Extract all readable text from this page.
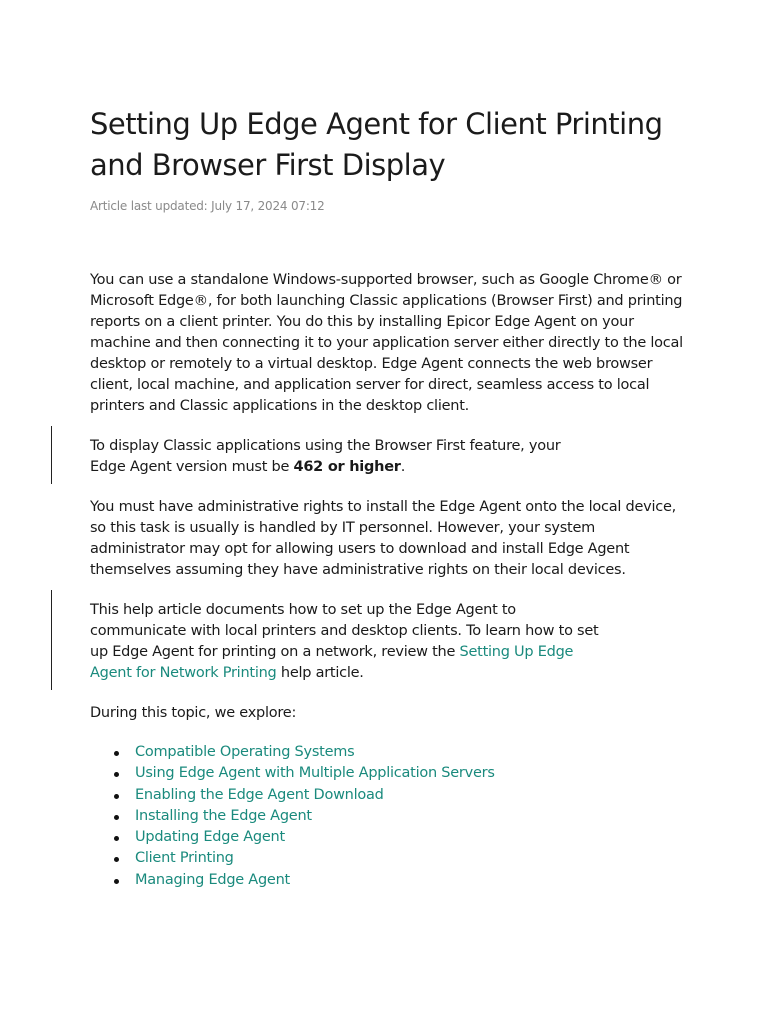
Setting Up Edge Agent for Client Printing and Browser First Display
Article last updated: July 17, 2024 07:12

You can use a standalone Windows-supported browser, such as Google Chrome® or Microsoft Edge®, for both launching Classic applications (Browser First) and printing reports on a client printer. You do this by installing Epicor Edge Agent on your machine and then connecting it to your application server either directly to the local desktop or remotely to a virtual desktop. Edge Agent connects the web browser client, local machine, and application server for direct, seamless access to local printers and Classic applications in the desktop client.

To display Classic applications using the Browser First feature, your Edge Agent version must be 462 or higher.

You must have administrative rights to install the Edge Agent onto the local device, so this task is usually is handled by IT personnel. However, your system administrator may opt for allowing users to download and install Edge Agent themselves assuming they have administrative rights on their local devices.

This help article documents how to set up the Edge Agent to communicate with local printers and desktop clients. To learn how to set up Edge Agent for printing on a network, review the Setting Up Edge Agent for Network Printing help article.

During this topic, we explore:

Compatible Operating Systems
Using Edge Agent with Multiple Application Servers
Enabling the Edge Agent Download
Installing the Edge Agent
Updating Edge Agent
Client Printing
Managing Edge Agent
